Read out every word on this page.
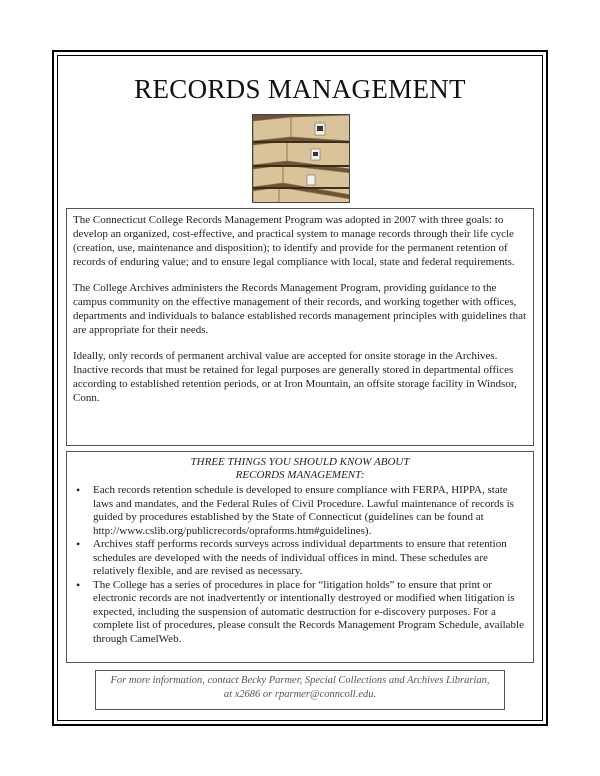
RECORDS MANAGEMENT

The Connecticut College Records Management Program was adopted in 2007 with three goals: to develop an organized, cost-effective, and practical system to manage records through their life cycle (creation, use, maintenance and disposition); to identify and provide for the permanent retention of records of enduring value; and to ensure legal compliance with local, state and federal requirements.

The College Archives administers the Records Management Program, providing guidance to the campus community on the effective management of their records, and working together with offices, departments and individuals to balance established records management principles with guidelines that are appropriate for their needs.

Ideally, only records of permanent archival value are accepted for onsite storage in the Archives. Inactive records that must be retained for legal purposes are generally stored in departmental offices according to established retention periods, or at Iron Mountain, an offsite storage facility in Windsor, Conn.

THREE THINGS YOU SHOULD KNOW ABOUT
RECORDS MANAGEMENT:
• Each records retention schedule is developed to ensure compliance with FERPA, HIPPA, state laws and mandates, and the Federal Rules of Civil Procedure. Lawful maintenance of records is guided by procedures established by the State of Connecticut (guidelines can be found at http://www.cslib.org/publicrecords/opraforms.htm#guidelines).
• Archives staff performs records surveys across individual departments to ensure that retention schedules are developed with the needs of individual offices in mind. These schedules are relatively flexible, and are revised as necessary.
• The College has a series of procedures in place for “litigation holds” to ensure that print or electronic records are not inadvertently or intentionally destroyed or modified when litigation is expected, including the suspension of automatic destruction for e-discovery purposes. For a complete list of procedures, please consult the Records Management Program Schedule, available through CamelWeb.
For more information, contact Becky Parmer, Special Collections and Archives Librarian,
at x2686 or rparmer@conncoll.edu.
